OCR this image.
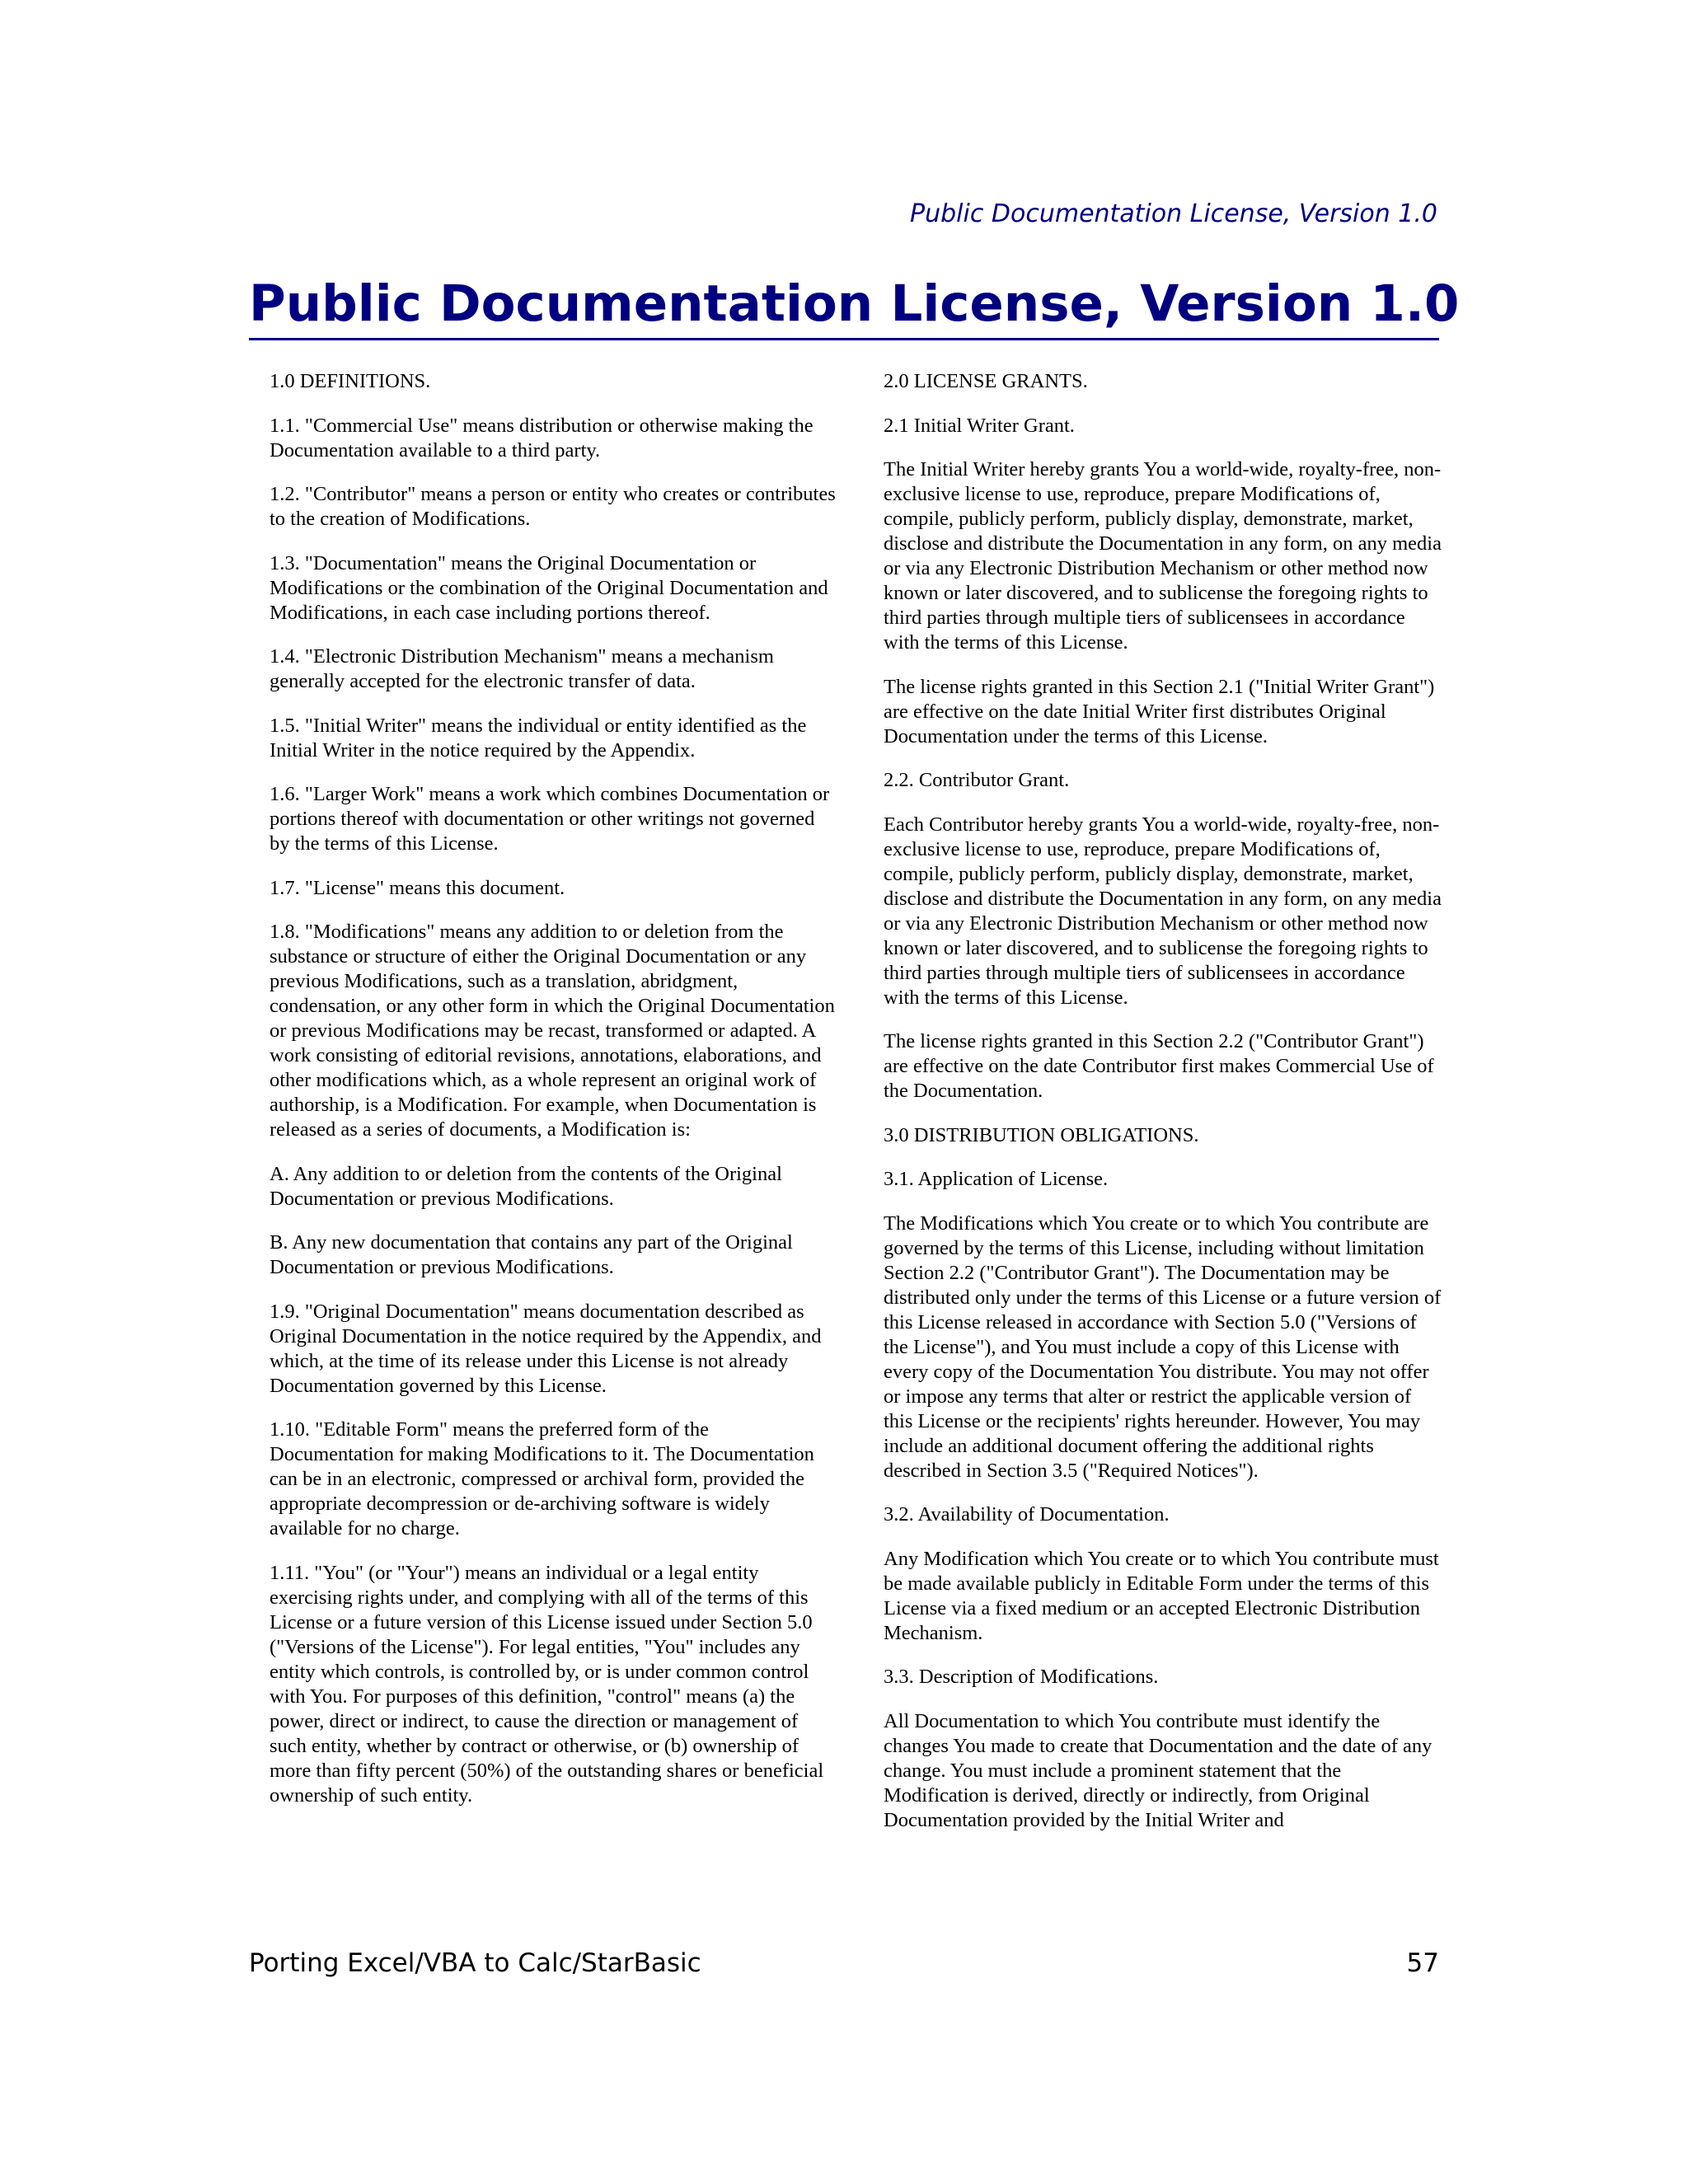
Public Documentation License, Version 1.0
Public Documentation License, Version 1.0

1.0 DEFINITIONS.

1.1. "Commercial Use" means distribution or otherwise making the Documentation available to a third party.

1.2. "Contributor" means a person or entity who creates or contributes to the creation of Modifications.

1.3. "Documentation" means the Original Documentation or Modifications or the combination of the Original Documentation and Modifications, in each case including portions thereof.

1.4. "Electronic Distribution Mechanism" means a mechanism generally accepted for the electronic transfer of data.

1.5. "Initial Writer" means the individual or entity identified as the Initial Writer in the notice required by the Appendix.

1.6. "Larger Work" means a work which combines Documentation or portions thereof with documentation or other writings not governed by the terms of this License.

1.7. "License" means this document.

1.8. "Modifications" means any addition to or deletion from the substance or structure of either the Original Documentation or any previous Modifications, such as a translation, abridgment, condensation, or any other form in which the Original Documentation or previous Modifications may be recast, transformed or adapted. A work consisting of editorial revisions, annotations, elaborations, and other modifications which, as a whole represent an original work of authorship, is a Modification. For example, when Documentation is released as a series of documents, a Modification is:

A. Any addition to or deletion from the contents of the Original Documentation or previous Modifications.

B. Any new documentation that contains any part of the Original Documentation or previous Modifications.

1.9. "Original Documentation" means documentation described as Original Documentation in the notice required by the Appendix, and which, at the time of its release under this License is not already Documentation governed by this License.

1.10. "Editable Form" means the preferred form of the Documentation for making Modifications to it. The Documentation can be in an electronic, compressed or archival form, provided the appropriate decompression or de-archiving software is widely available for no charge.

1.11. "You" (or "Your") means an individual or a legal entity exercising rights under, and complying with all of the terms of this License or a future version of this License issued under Section 5.0 ("Versions of the License"). For legal entities, "You" includes any entity which controls, is controlled by, or is under common control with You. For purposes of this definition, "control" means (a) the power, direct or indirect, to cause the direction or management of such entity, whether by contract or otherwise, or (b) ownership of more than fifty percent (50%) of the outstanding shares or beneficial ownership of such entity.

2.0 LICENSE GRANTS.

2.1 Initial Writer Grant.

The Initial Writer hereby grants You a world-wide, royalty-free, non-exclusive license to use, reproduce, prepare Modifications of, compile, publicly perform, publicly display, demonstrate, market, disclose and distribute the Documentation in any form, on any media or via any Electronic Distribution Mechanism or other method now known or later discovered, and to sublicense the foregoing rights to third parties through multiple tiers of sublicensees in accordance with the terms of this License.

The license rights granted in this Section 2.1 ("Initial Writer Grant") are effective on the date Initial Writer first distributes Original Documentation under the terms of this License.

2.2. Contributor Grant.

Each Contributor hereby grants You a world-wide, royalty-free, non-exclusive license to use, reproduce, prepare Modifications of, compile, publicly perform, publicly display, demonstrate, market, disclose and distribute the Documentation in any form, on any media or via any Electronic Distribution Mechanism or other method now known or later discovered, and to sublicense the foregoing rights to third parties through multiple tiers of sublicensees in accordance with the terms of this License.

The license rights granted in this Section 2.2 ("Contributor Grant") are effective on the date Contributor first makes Commercial Use of the Documentation.

3.0 DISTRIBUTION OBLIGATIONS.

3.1. Application of License.

The Modifications which You create or to which You contribute are governed by the terms of this License, including without limitation Section 2.2 ("Contributor Grant"). The Documentation may be distributed only under the terms of this License or a future version of this License released in accordance with Section 5.0 ("Versions of the License"), and You must include a copy of this License with every copy of the Documentation You distribute. You may not offer or impose any terms that alter or restrict the applicable version of this License or the recipients' rights hereunder. However, You may include an additional document offering the additional rights described in Section 3.5 ("Required Notices").

3.2. Availability of Documentation.

Any Modification which You create or to which You contribute must be made available publicly in Editable Form under the terms of this License via a fixed medium or an accepted Electronic Distribution Mechanism.

3.3. Description of Modifications.

All Documentation to which You contribute must identify the changes You made to create that Documentation and the date of any change. You must include a prominent statement that the Modification is derived, directly or indirectly, from Original Documentation provided by the Initial Writer and

Porting Excel/VBA to Calc/StarBasic	57
